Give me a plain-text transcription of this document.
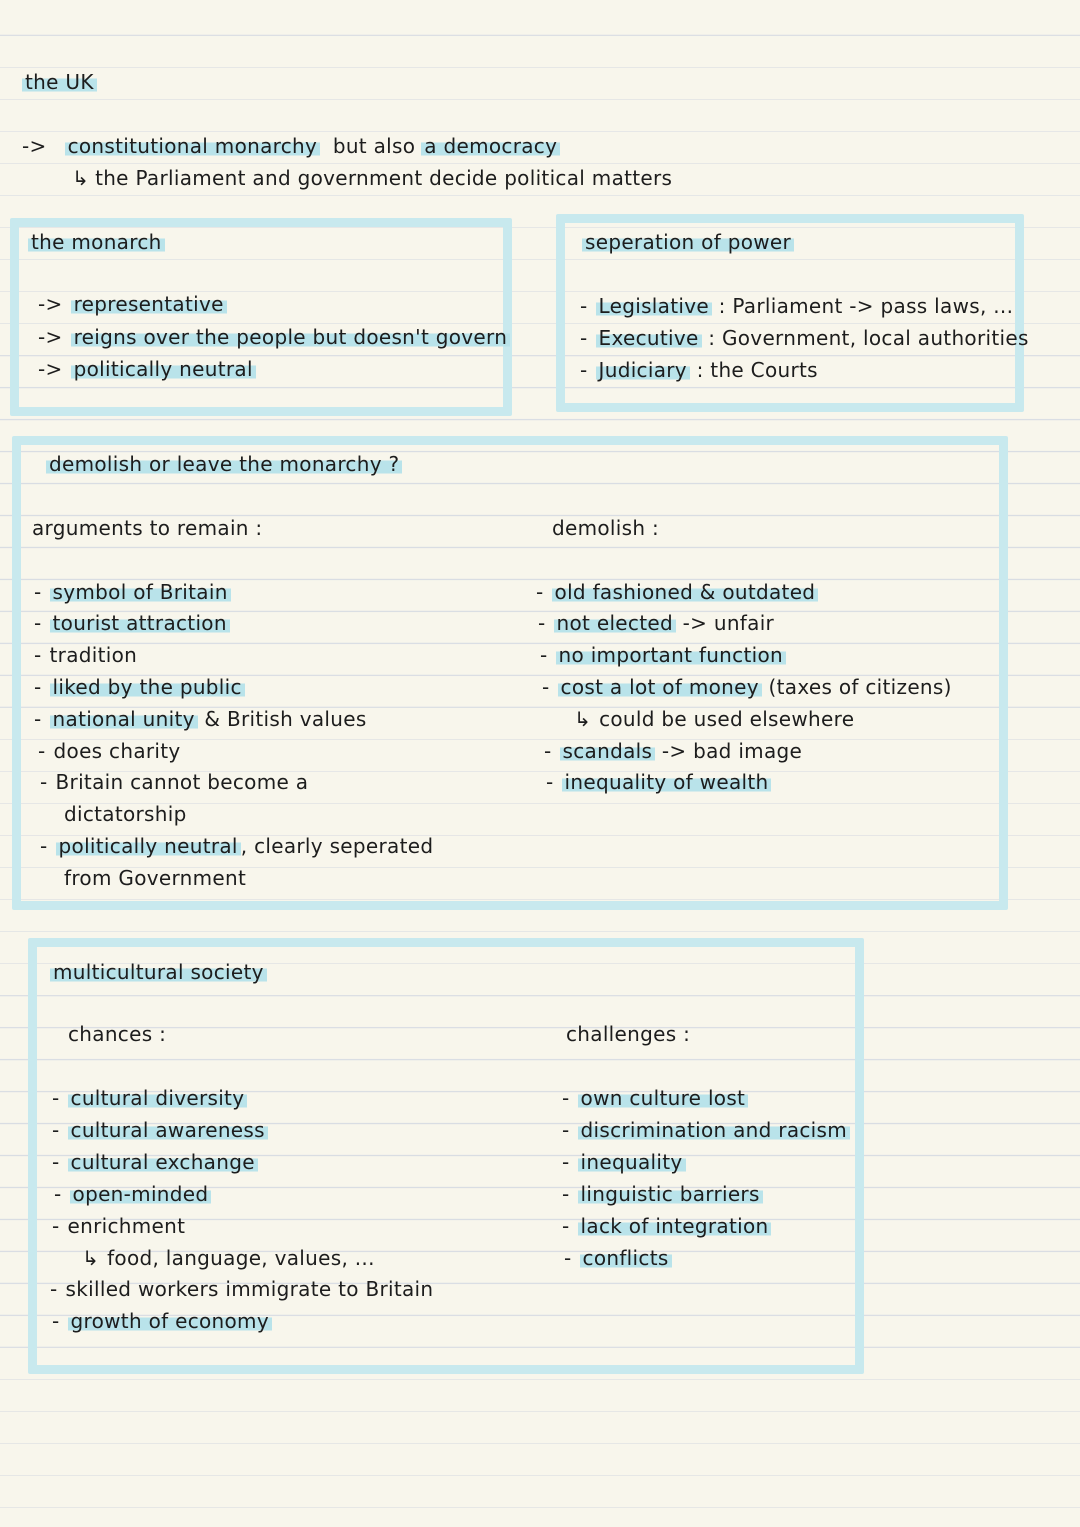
the UK
-> constitutional monarchy but also a democracy
↳ the Parliament and government decide political matters
the monarch
-> representative
-> reigns over the people but doesn't govern
-> politically neutral
seperation of power
- Legislative : Parliament -> pass laws, ...
- Executive : Government, local authorities
- Judiciary : the Courts
demolish or leave the monarchy ?
arguments to remain :	demolish :
- symbol of Britain
- tourist attraction
- tradition
- liked by the public
- national unity & British values
- does charity
- Britain cannot become a
dictatorship
- politically neutral , clearly seperated
from Government
- old fashioned & outdated
- not elected -> unfair
- no important function
- cost a lot of money (taxes of citizens)
↳ could be used elsewhere
- scandals -> bad image
- inequality of wealth
multicultural society
chances :	challenges :
- cultural diversity
- cultural awareness
- cultural exchange
- open-minded
- enrichment
↳ food, language, values, ...
- skilled workers immigrate to Britain
- growth of economy
- own culture lost
- discrimination and racism
- inequality
- linguistic barriers
- lack of integration
- conflicts
